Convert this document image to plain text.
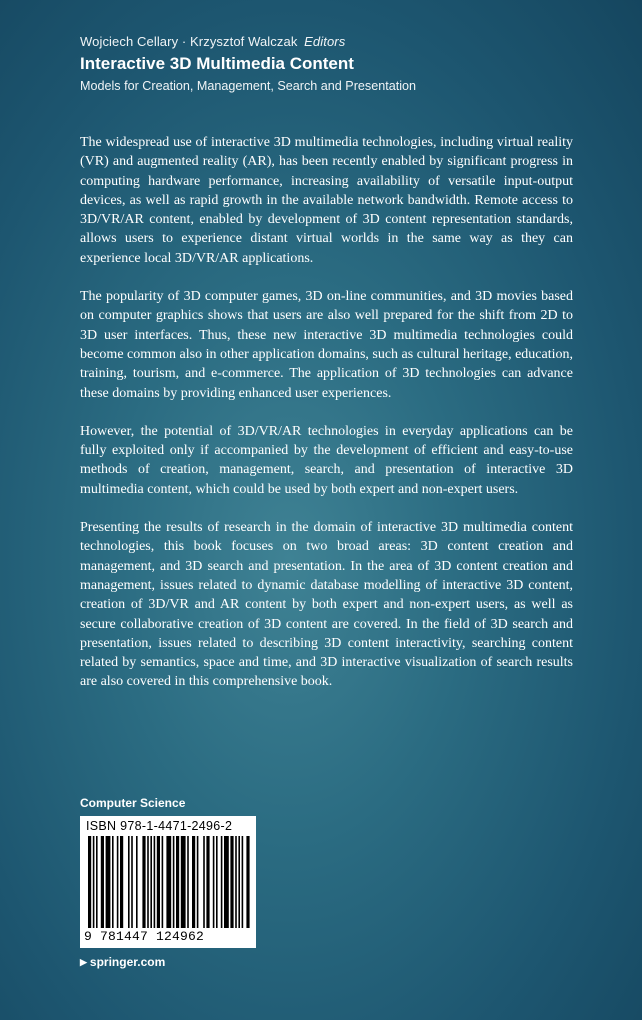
Wojciech Cellary · Krzysztof Walczak Editors
Interactive 3D Multimedia Content
Models for Creation, Management, Search and Presentation

The widespread use of interactive 3D multimedia technologies, including virtual reality (VR) and augmented reality (AR), has been recently enabled by significant progress in computing hardware performance, increasing availability of versatile input-output devices, as well as rapid growth in the available network bandwidth. Remote access to 3D/VR/AR content, enabled by development of 3D content representation standards, allows users to experience distant virtual worlds in the same way as they can experience local 3D/VR/AR applications.

The popularity of 3D computer games, 3D on-line communities, and 3D movies based on computer graphics shows that users are also well prepared for the shift from 2D to 3D user interfaces. Thus, these new interactive 3D multimedia technologies could become common also in other application domains, such as cultural heritage, education, training, tourism, and e-commerce. The application of 3D technologies can advance these domains by providing enhanced user experiences.

However, the potential of 3D/VR/AR technologies in everyday applications can be fully exploited only if accompanied by the development of efficient and easy-to-use methods of creation, management, search, and presentation of interactive 3D multimedia content, which could be used by both expert and non-expert users.

Presenting the results of research in the domain of interactive 3D multimedia content technologies, this book focuses on two broad areas: 3D content creation and management, and 3D search and presentation. In the area of 3D content creation and management, issues related to dynamic database modelling of interactive 3D content, creation of 3D/VR and AR content by both expert and non-expert users, as well as secure collaborative creation of 3D content are covered. In the field of 3D search and presentation, issues related to describing 3D content interactivity, searching content related by semantics, space and time, and 3D interactive visualization of search results are also covered in this comprehensive book.

Computer Science
ISBN 978-1-4471-2496-2
9 781447 124962
▶ springer.com
